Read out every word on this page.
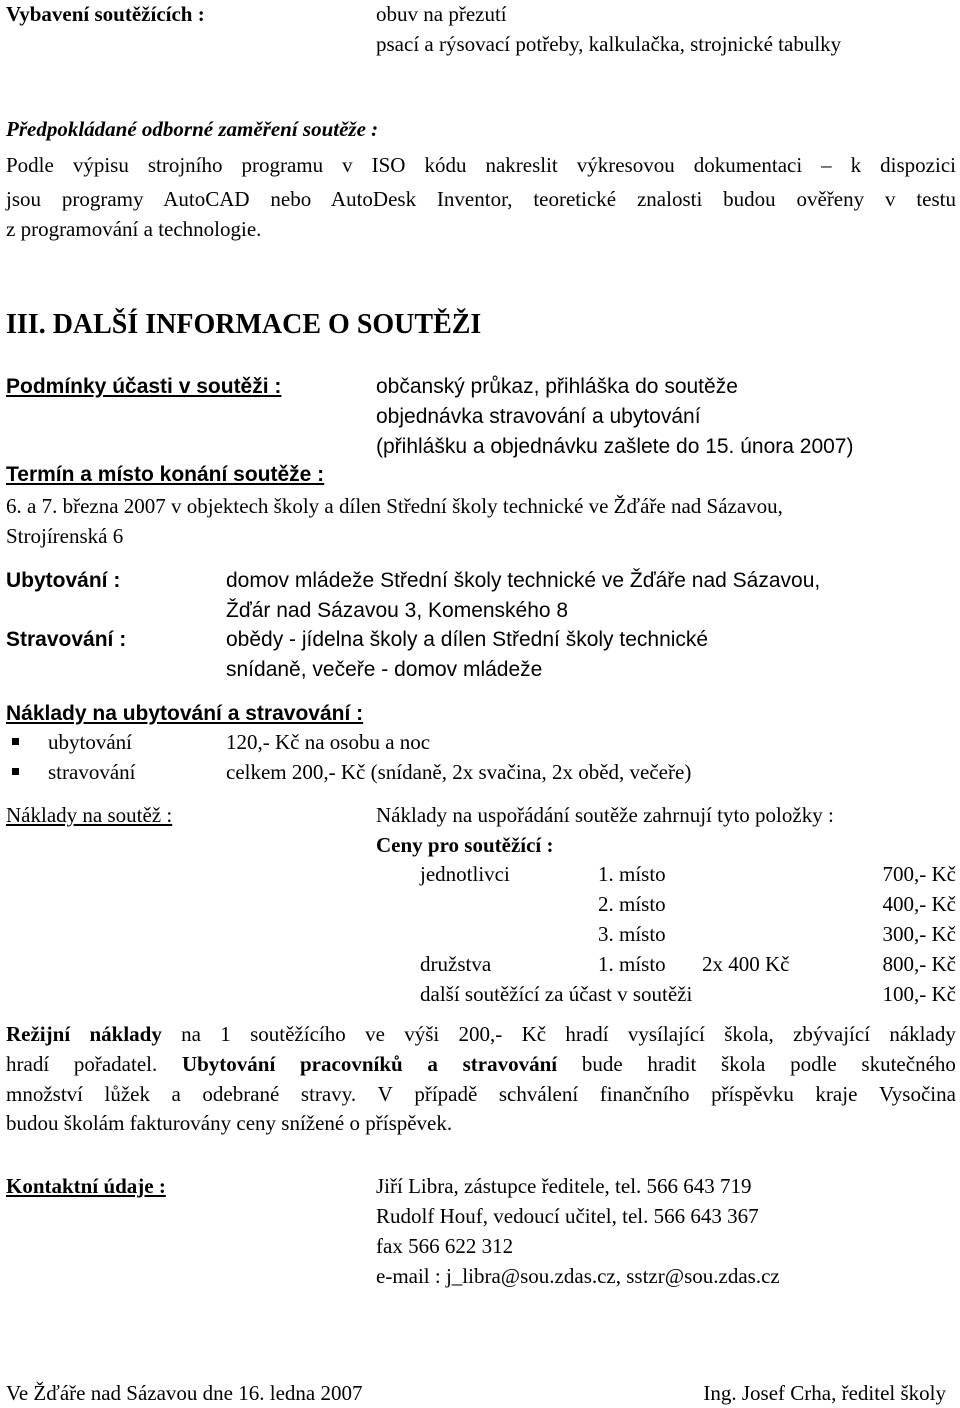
Vybavení soutěžících :	obuv na přezutí
psací a rýsovací potřeby, kalkulačka, strojnické tabulky
Předpokládané odborné zaměření soutěže :
Podle výpisu strojního programu v ISO kódu nakreslit výkresovou dokumentaci – k dispozici
jsou programy AutoCAD nebo AutoDesk Inventor, teoretické znalosti budou ověřeny v testu
z programování a technologie.
III. DALŠÍ INFORMACE O SOUTĚŽI
Podmínky účasti v soutěži :	občanský průkaz, přihláška do soutěže
objednávka stravování a ubytování
(přihlášku a objednávku zašlete do 15. února 2007)
Termín a místo konání soutěže :
6. a 7. března 2007 v objektech školy a dílen Střední školy technické ve Žďáře nad Sázavou,
Strojírenská 6
Ubytování :	domov mládeže Střední školy technické ve Žďáře nad Sázavou,
Žďár nad Sázavou 3, Komenského 8
Stravování :	obědy - jídelna školy a dílen Střední školy technické
snídaně, večeře - domov mládeže
Náklady na ubytování a stravování :
ubytování	120,- Kč na osobu a noc
stravování	celkem 200,- Kč (snídaně, 2x svačina, 2x oběd, večeře)
Náklady na soutěž :	Náklady na uspořádání soutěže zahrnují tyto položky :
Ceny pro soutěžící :
jednotlivci	1. místo	700,- Kč
2. místo	400,- Kč
3. místo	300,- Kč
družstva	1. místo 2x 400 Kč	800,- Kč
další soutěžící za účast v soutěži	100,- Kč
Režijní náklady na 1 soutěžícího ve výši 200,- Kč hradí vysílající škola, zbývající náklady
hradí pořadatel. Ubytování pracovníků a stravování bude hradit škola podle skutečného
množství lůžek a odebrané stravy. V případě schválení finančního příspěvku kraje Vysočina
budou školám fakturovány ceny snížené o příspěvek.
Kontaktní údaje :	Jiří Libra, zástupce ředitele, tel. 566 643 719
Rudolf Houf, vedoucí učitel, tel. 566 643 367
fax 566 622 312
e-mail : j_libra@sou.zdas.cz, sstzr@sou.zdas.cz
Ve Žďáře nad Sázavou dne 16. ledna 2007	Ing. Josef Crha, ředitel školy
